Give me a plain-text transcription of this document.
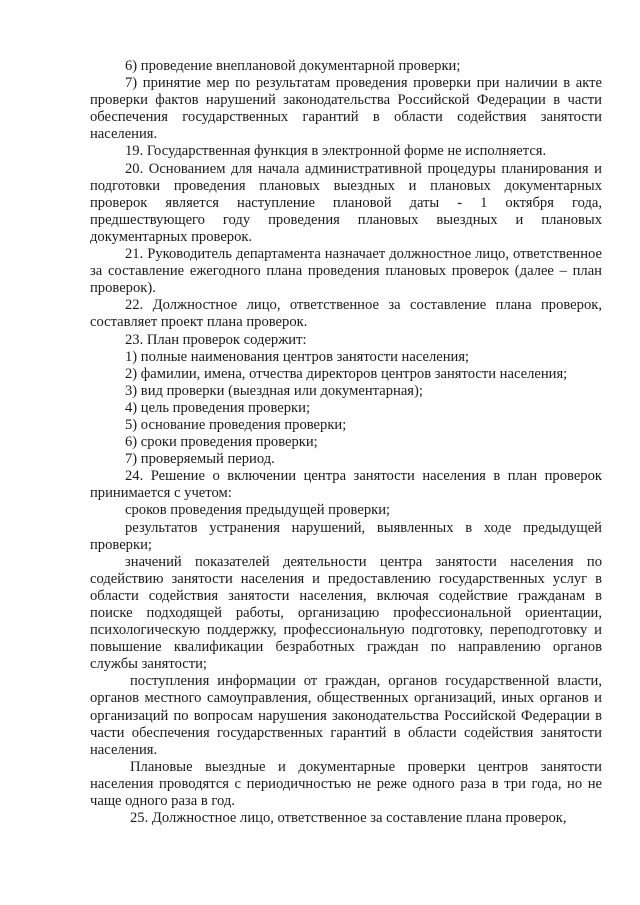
6) проведение внеплановой документарной проверки;

7) принятие мер по результатам проведения проверки при наличии в акте проверки фактов нарушений законодательства Российской Федерации в части обеспечения государственных гарантий в области содействия занятости населения.

19. Государственная функция в электронной форме не исполняется.

20. Основанием для начала административной процедуры планирования и подготовки проведения плановых выездных и плановых документарных проверок является наступление плановой даты - 1 октября года, предшествующего году проведения плановых выездных и плановых документарных проверок.

21. Руководитель департамента назначает должностное лицо, ответственное за составление ежегодного плана проведения плановых проверок (далее – план проверок).

22. Должностное лицо, ответственное за составление плана проверок, составляет проект плана проверок.

23. План проверок содержит:

1) полные наименования центров занятости населения;

2) фамилии, имена, отчества директоров центров занятости населения;

3) вид проверки (выездная или документарная);

4) цель проведения проверки;

5) основание проведения проверки;

6) сроки проведения проверки;

7) проверяемый период.

24. Решение о включении центра занятости населения в план проверок принимается с учетом:

сроков проведения предыдущей проверки;

результатов устранения нарушений, выявленных в ходе предыдущей проверки;

значений показателей деятельности центра занятости населения по содействию занятости населения и предоставлению государственных услуг в области содействия занятости населения, включая содействие гражданам в поиске подходящей работы, организацию профессиональной ориентации, психологическую поддержку, профессиональную подготовку, переподготовку и повышение квалификации безработных граждан по направлению органов службы занятости;

поступления информации от граждан, органов государственной власти, органов местного самоуправления, общественных организаций, иных органов и организаций по вопросам нарушения законодательства Российской Федерации в части обеспечения государственных гарантий в области содействия занятости населения.

Плановые выездные и документарные проверки центров занятости населения проводятся с периодичностью не реже одного раза в три года, но не чаще одного раза в год.

25. Должностное лицо, ответственное за составление плана проверок,
